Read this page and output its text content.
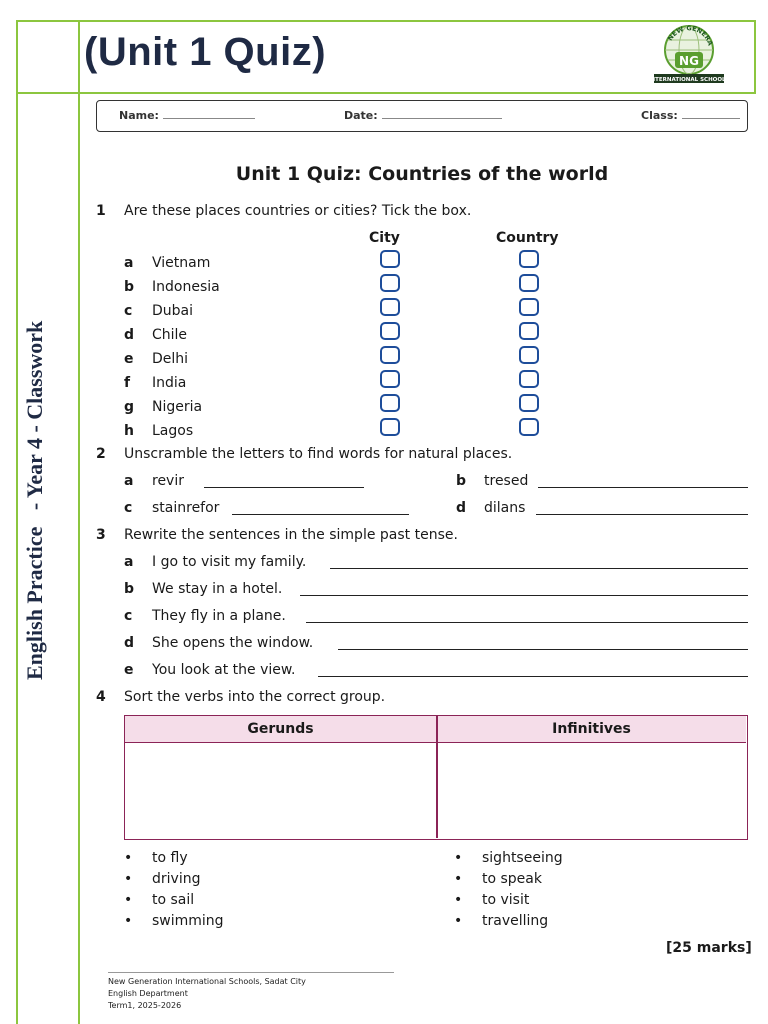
(Unit 1 Quiz)	NEW GENERA
NG
INTERNATIONAL SCHOOLS
English Practice   - Year 4 - Classwork
Name:	Date:	Class:
Unit 1 Quiz: Countries of the world
1 Are these places countries or cities? Tick the box.
City	Country
a Vietnam
b Indonesia
c Dubai
d Chile
e Delhi
f India
g Nigeria
h Lagos
2 Unscramble the letters to find words for natural places.
a revir	b tresed
c stainrefor	d dilans
3 Rewrite the sentences in the simple past tense.
a I go to visit my family.
b We stay in a hotel.
c They fly in a plane.
d She opens the window.
e You look at the view.
4 Sort the verbs into the correct group.
Gerunds	Infinitives
• to fly
• driving
• to sail
• swimming
• sightseeing
• to speak
• to visit
• travelling
[25 marks]
New Generation International Schools, Sadat City
English Department
Term1, 2025-2026
